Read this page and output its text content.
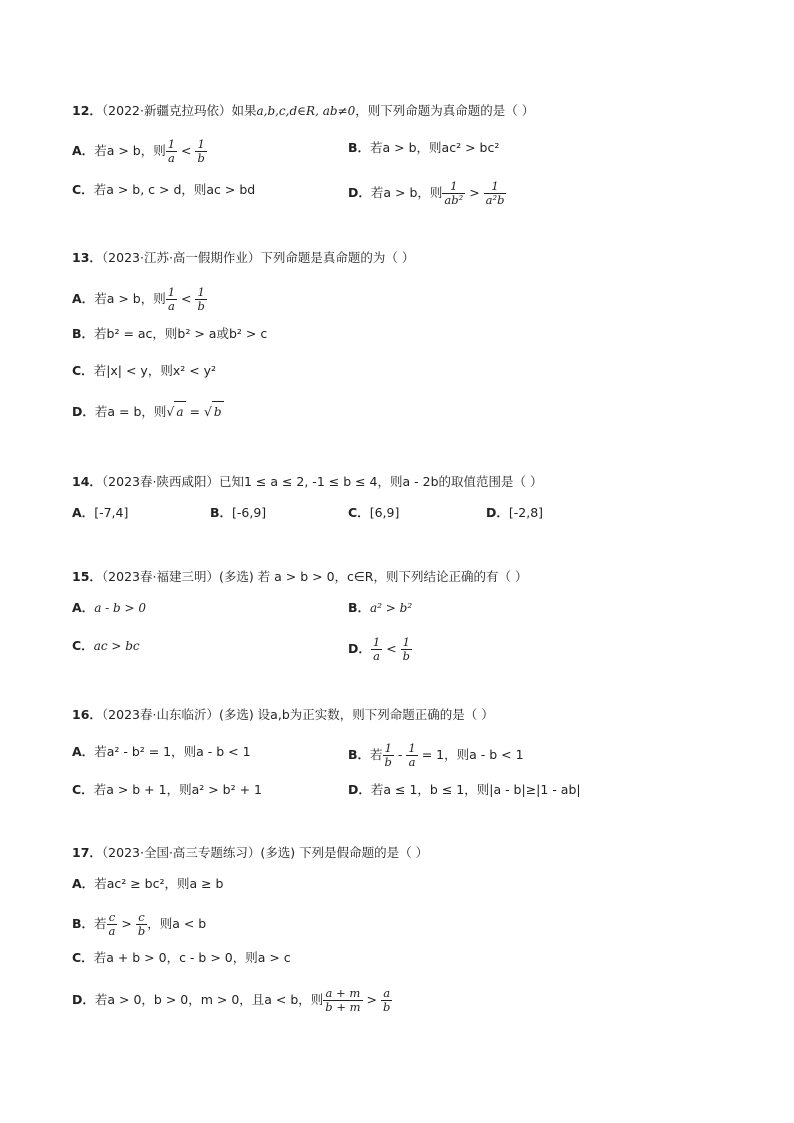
12．（2022·新疆克拉玛依）如果a,b,c,d∈R, ab≠0，则下列命题为真命题的是（ ）
A．若a > b，则 $\frac{1}{a} < \frac{1}{b}$	B．若a > b，则ac² > bc²
C．若a > b, c > d，则ac > bd	D．若a > b，则 $\frac{1}{\text{ab²}} > \frac{1}{\text{a²b}}$
13．（2023·江苏·高一假期作业）下列命题是真命题的为（ ）
A．若a > b，则 $\frac{1}{a} < \frac{1}{b}$
B．若b² = ac，则b² > a或b² > c
C．若|x| < y，则x² < y²
D．若a = b，则√ a = √ b
14．（2023春·陕西咸阳）已知1 ≤ a ≤ 2, -1 ≤ b ≤ 4，则a - 2b的取值范围是（ ）
A．[-7,4]	B．[-6,9]	C．[6,9]	D．[-2,8]
15．（2023春·福建三明）(多选) 若 a > b > 0，c∈R，则下列结论正确的有（ ）
A．a - b > 0	B．a² > b²
C．ac > bc	D． $\frac{1}{a} < \frac{1}{b}$
16．（2023春·山东临沂）(多选) 设a,b为正实数，则下列命题正确的是（ ）
A．若a² - b² = 1，则a - b < 1	B．若 $\frac{1}{b} - \frac{1}{a} = 1$，则a - b < 1
C．若a > b + 1，则a² > b² + 1	D．若a ≤ 1，b ≤ 1，则|a - b|≥|1 - ab|
17．（2023·全国·高三专题练习）(多选) 下列是假命题的是（ ）
A．若ac² ≥ bc²，则a ≥ b
B．若 $\frac{c}{a} > \frac{c}{b}$ ，则a < b
C．若a + b > 0，c - b > 0，则a > c
D．若a > 0，b > 0，m > 0，且a < b，则 $\frac{a + m}{b + m} > \frac{a}{b}$
